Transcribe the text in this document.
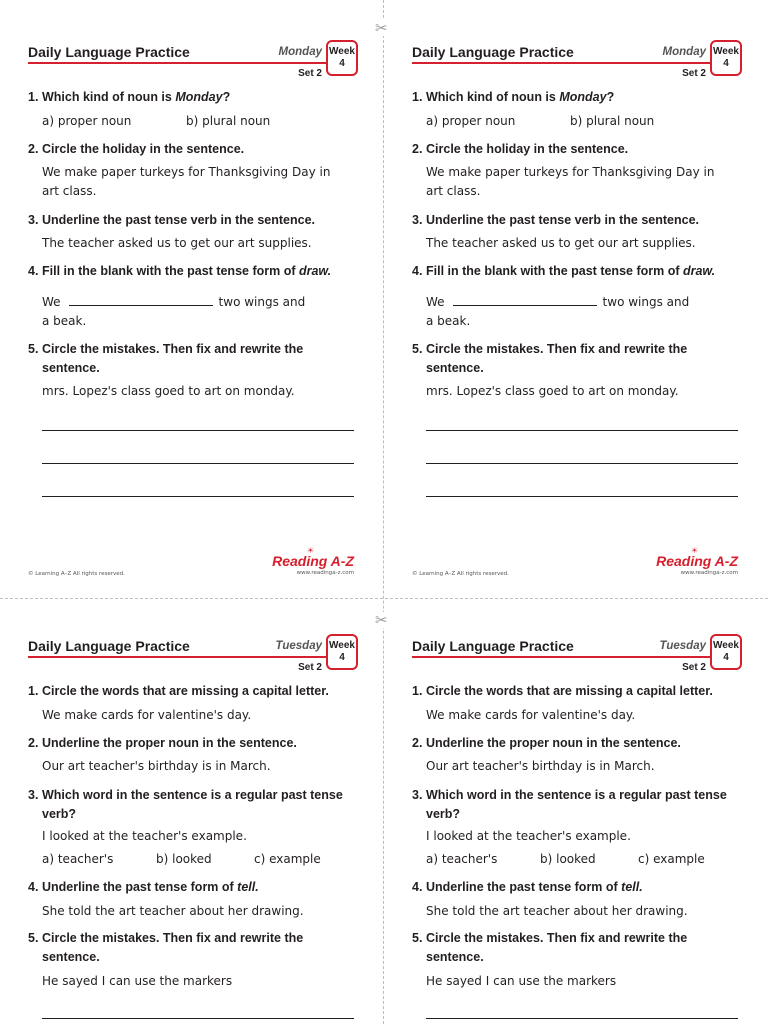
✂
✂
Daily Language Practice	Monday
Set 2
Week
4
1. Which kind of noun is Monday?
a) proper noun	b) plural noun
2. Circle the holiday in the sentence.
We make paper turkeys for Thanksgiving Day in art class.
3. Underline the past tense verb in the sentence.
The teacher asked us to get our art supplies.
4. Fill in the blank with the past tense form of draw.
We	two wings and
a beak.
5. Circle the mistakes. Then fix and rewrite the sentence.
mrs. Lopez's class goed to art on monday.
© Learning A–Z All rights reserved.
☀
Reading A-Z
www.readinga-z.com
Daily Language Practice	Monday
Set 2
Week
4
1. Which kind of noun is Monday?
a) proper noun	b) plural noun
2. Circle the holiday in the sentence.
We make paper turkeys for Thanksgiving Day in art class.
3. Underline the past tense verb in the sentence.
The teacher asked us to get our art supplies.
4. Fill in the blank with the past tense form of draw.
We	two wings and
a beak.
5. Circle the mistakes. Then fix and rewrite the sentence.
mrs. Lopez's class goed to art on monday.
© Learning A–Z All rights reserved.
☀
Reading A-Z
www.readinga-z.com
Daily Language Practice	Tuesday
Set 2
Week
4
1. Circle the words that are missing a capital letter.
We make cards for valentine's day.
2. Underline the proper noun in the sentence.
Our art teacher's birthday is in March.
3. Which word in the sentence is a regular past tense verb?
I looked at the teacher's example.
a) teacher's	b) looked	c) example
4. Underline the past tense form of tell.
She told the art teacher about her drawing.
5. Circle the mistakes. Then fix and rewrite the sentence.
He sayed I can use the markers
Daily Language Practice	Tuesday
Set 2
Week
4
1. Circle the words that are missing a capital letter.
We make cards for valentine's day.
2. Underline the proper noun in the sentence.
Our art teacher's birthday is in March.
3. Which word in the sentence is a regular past tense verb?
I looked at the teacher's example.
a) teacher's	b) looked	c) example
4. Underline the past tense form of tell.
She told the art teacher about her drawing.
5. Circle the mistakes. Then fix and rewrite the sentence.
He sayed I can use the markers
